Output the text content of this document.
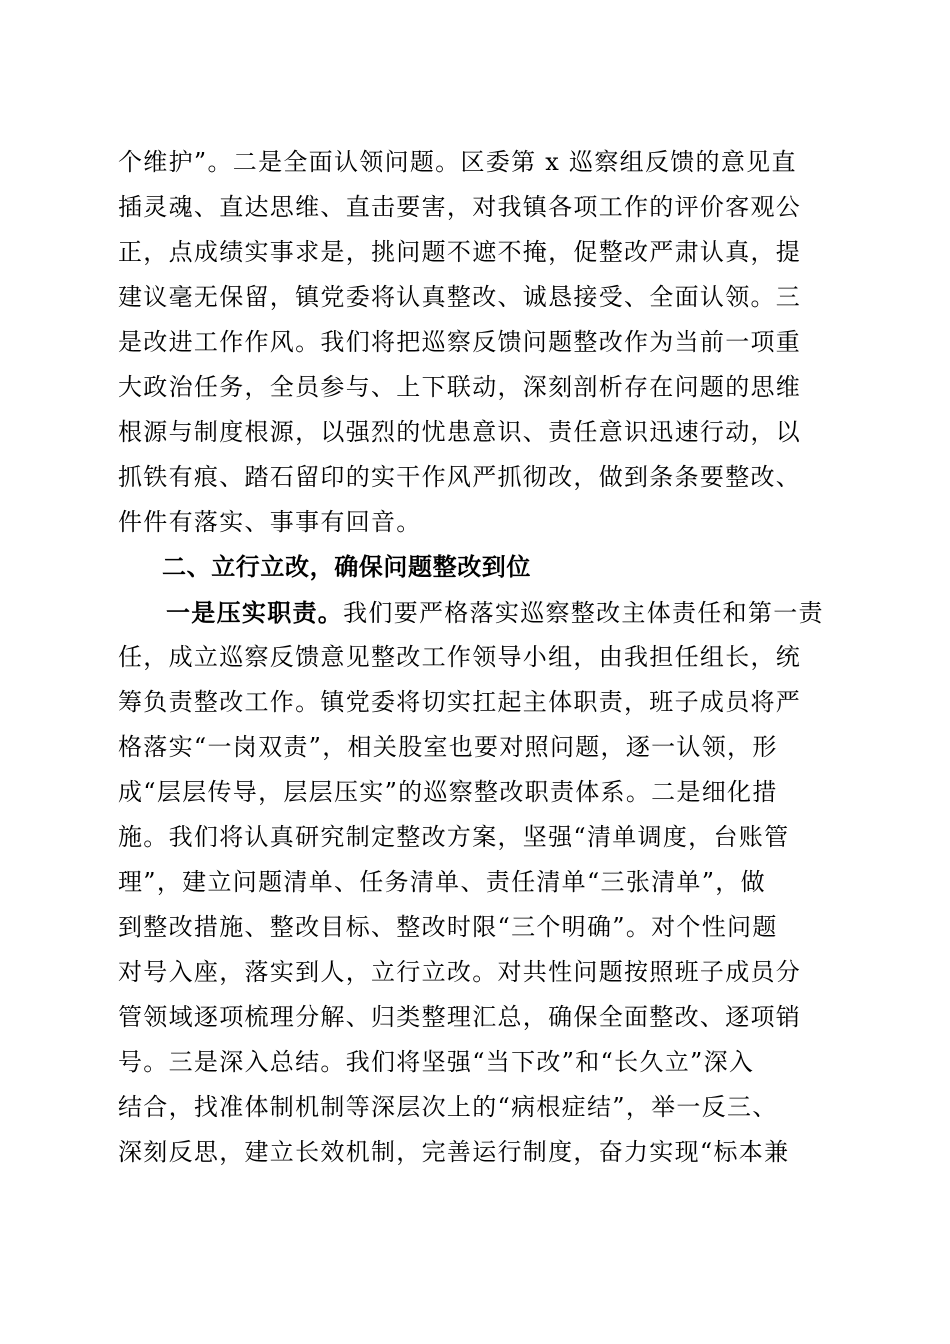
个维护”。二是全面认领问题。区委第 x 巡察组反馈的意见直
插灵魂、直达思维、直击要害，对我镇各项工作的评价客观公
正，点成绩实事求是，挑问题不遮不掩，促整改严肃认真，提
建议毫无保留，镇党委将认真整改、诚恳接受、全面认领。三
是改进工作作风。我们将把巡察反馈问题整改作为当前一项重
大政治任务，全员参与、上下联动，深刻剖析存在问题的思维
根源与制度根源，以强烈的忧患意识、责任意识迅速行动，以
抓铁有痕、踏石留印的实干作风严抓彻改，做到条条要整改、
件件有落实、事事有回音。
二、立行立改，确保问题整改到位
一是压实职责。我们要严格落实巡察整改主体责任和第一责
任，成立巡察反馈意见整改工作领导小组，由我担任组长，统
筹负责整改工作。镇党委将切实扛起主体职责，班子成员将严
格落实“一岗双责”，相关股室也要对照问题，逐一认领，形
成“层层传导，层层压实”的巡察整改职责体系。二是细化措
施。我们将认真研究制定整改方案，坚强“清单调度，台账管
理”，建立问题清单、任务清单、责任清单“三张清单”，做
到整改措施、整改目标、整改时限“三个明确”。对个性问题
对号入座，落实到人，立行立改。对共性问题按照班子成员分
管领域逐项梳理分解、归类整理汇总，确保全面整改、逐项销
号。三是深入总结。我们将坚强“当下改”和“长久立”深入
结合，找准体制机制等深层次上的“病根症结”，举一反三、
深刻反思，建立长效机制，完善运行制度，奋力实现“标本兼
